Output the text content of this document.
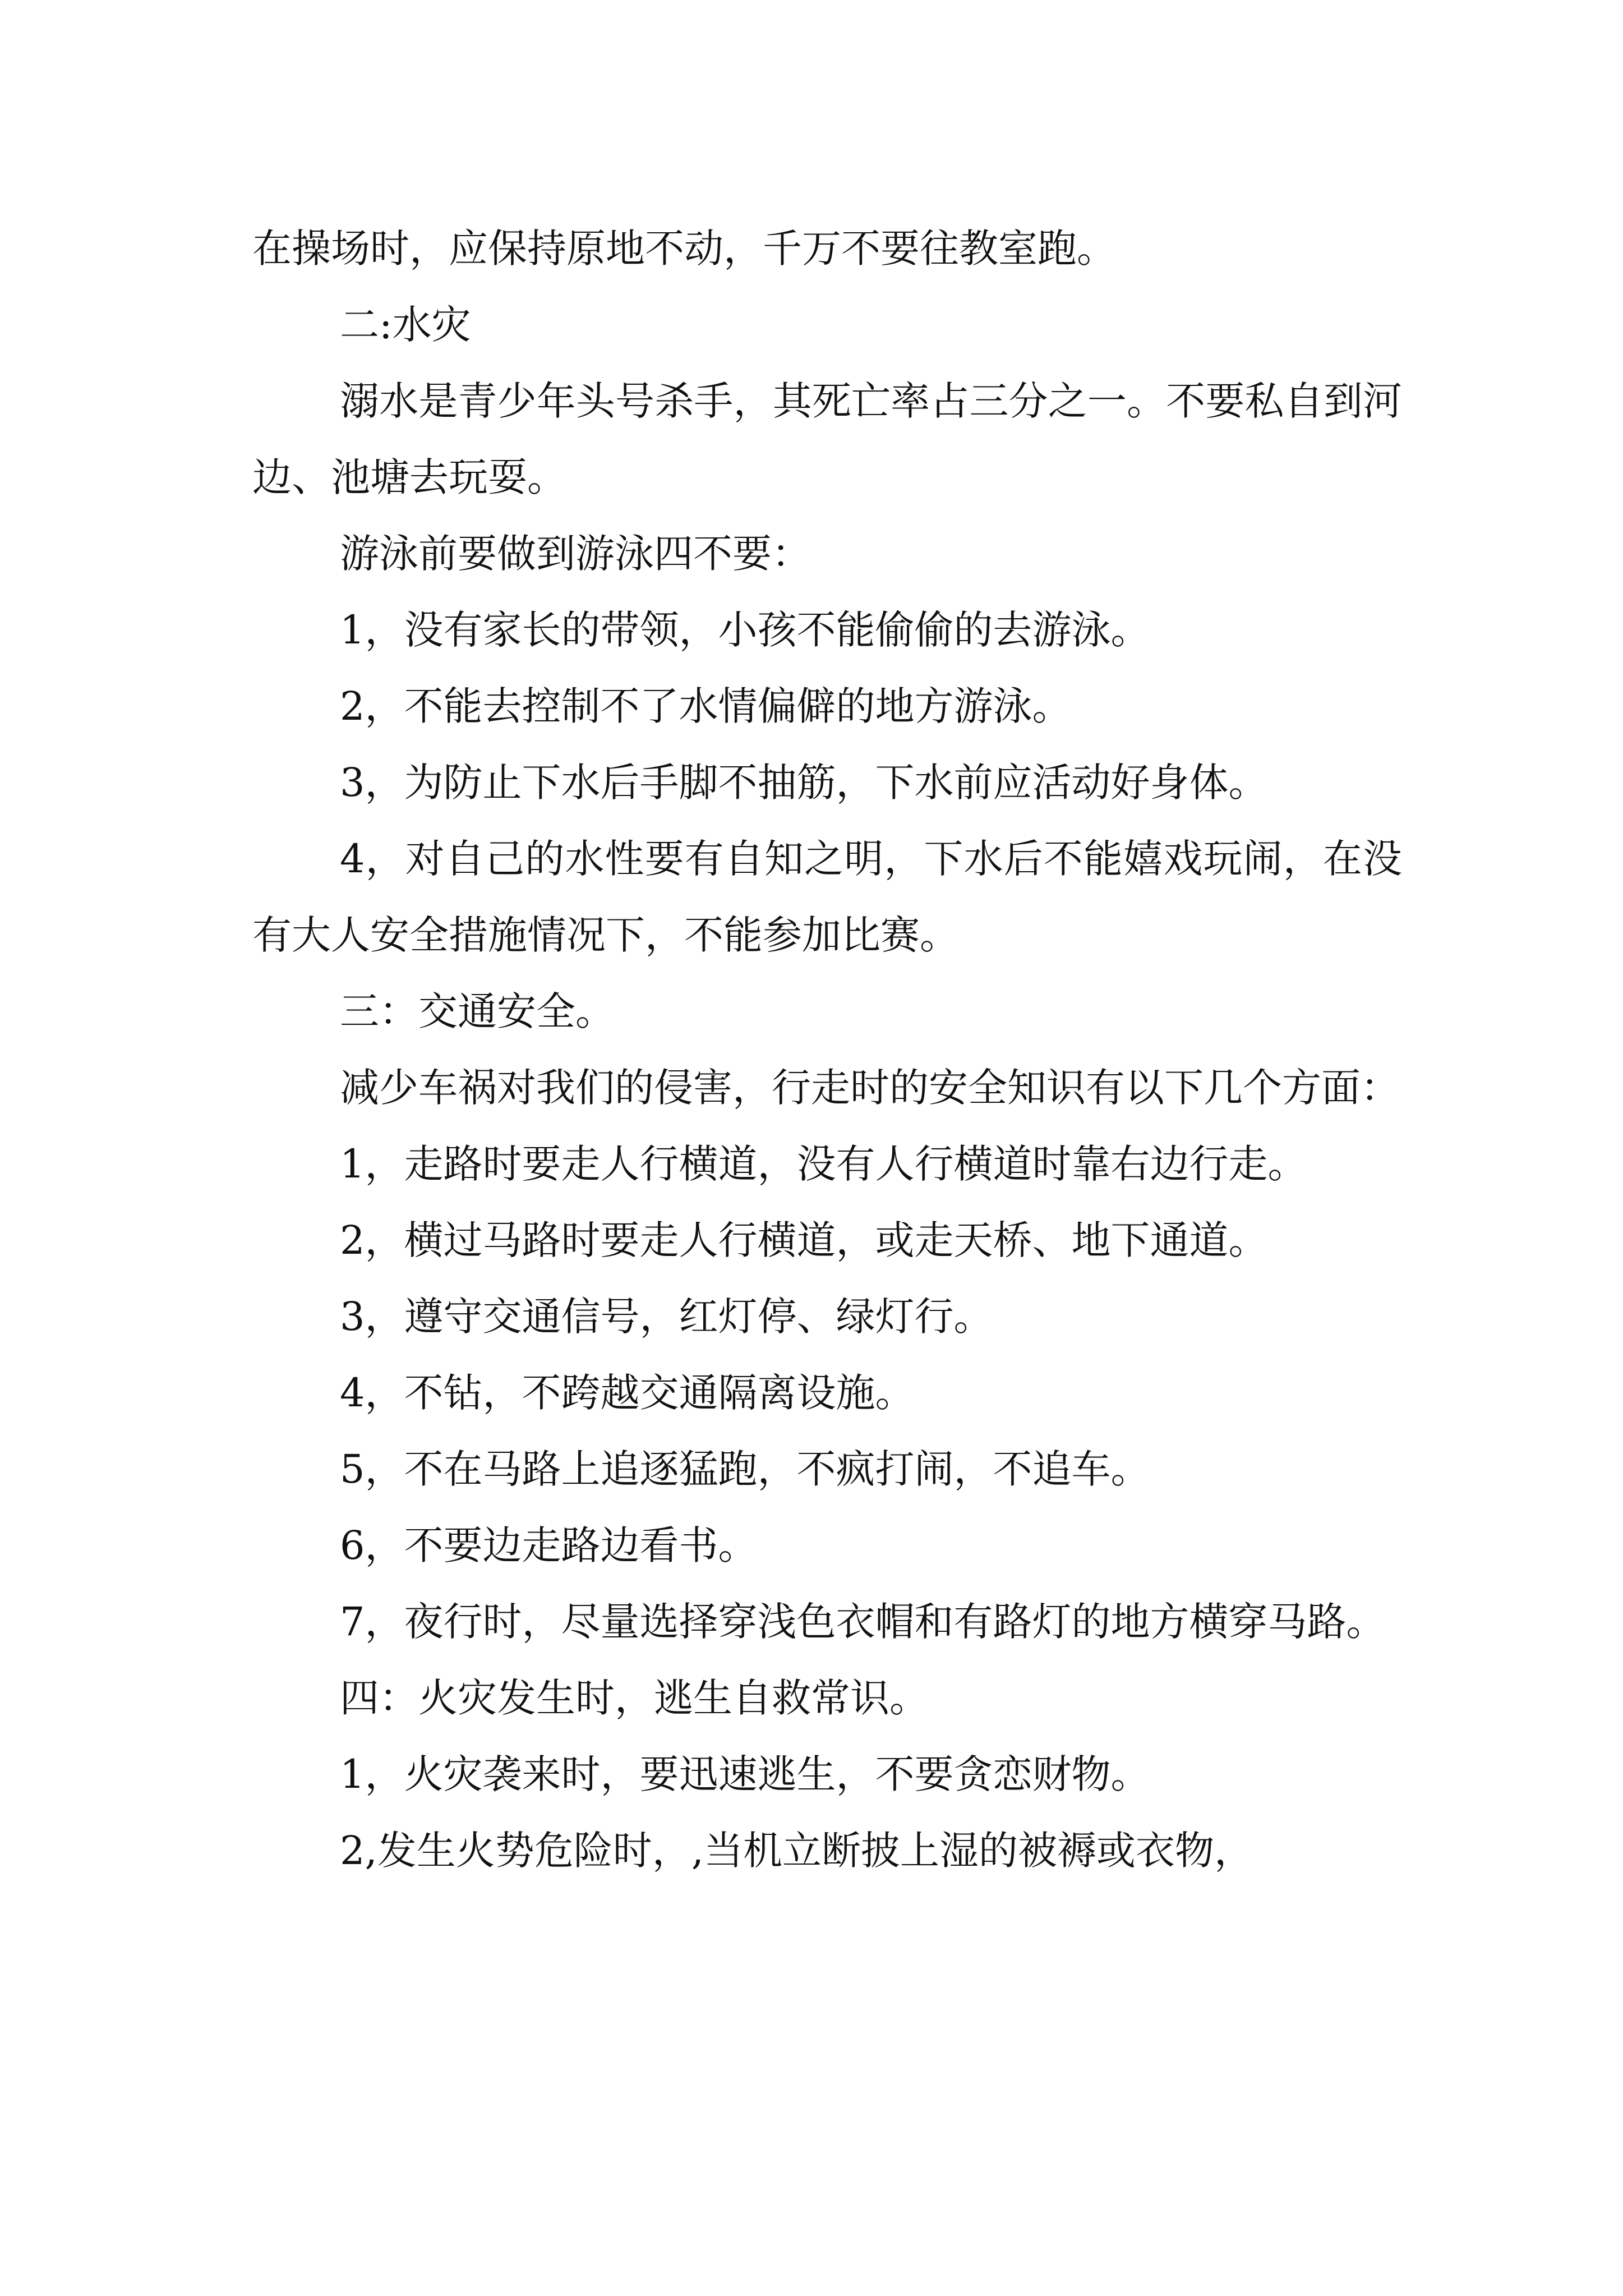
在操场时，应保持原地不动，千万不要往教室跑。

二:水灾

溺水是青少年头号杀手，其死亡率占三分之一。不要私自到河边、池塘去玩耍。

游泳前要做到游泳四不要：

1，没有家长的带领，小孩不能偷偷的去游泳。

2，不能去控制不了水情偏僻的地方游泳。

3，为防止下水后手脚不抽筋，下水前应活动好身体。

4，对自己的水性要有自知之明，下水后不能嬉戏玩闹，在没有大人安全措施情况下，不能参加比赛。

三：交通安全。

减少车祸对我们的侵害，行走时的安全知识有以下几个方面：

1，走路时要走人行横道，没有人行横道时靠右边行走。

2，横过马路时要走人行横道，或走天桥、地下通道。

3，遵守交通信号，红灯停、绿灯行。

4，不钻，不跨越交通隔离设施。

5，不在马路上追逐猛跑，不疯打闹，不追车。

6，不要边走路边看书。

7，夜行时，尽量选择穿浅色衣帽和有路灯的地方横穿马路。

四：火灾发生时，逃生自救常识。

1，火灾袭来时，要迅速逃生，不要贪恋财物。

2,发生火势危险时，,当机立断披上湿的被褥或衣物，
